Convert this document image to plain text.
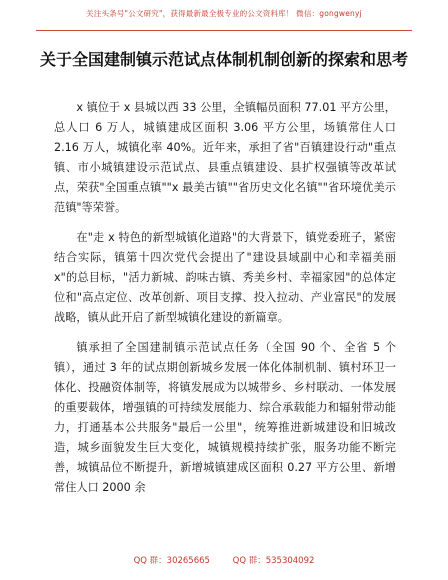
关注头条号"公文研究"，获得最新最全极专业的公文资料库！ 微信：gongwenyj
关于全国建制镇示范试点体制机制创新的探索和思考

x 镇位于 x 县城以西 33 公里，全镇幅员面积 77.01 平方公里，总人口 6 万人，城镇建成区面积 3.06 平方公里，场镇常住人口 2.16 万人，城镇化率 40%。近年来，承担了省"百镇建设行动"重点镇、市小城镇建设示范试点、县重点镇建设、县扩权强镇等改革试点，荣获"全国重点镇""x 最美古镇""省历史文化名镇""省环境优美示范镇"等荣誉。

在"走 x 特色的新型城镇化道路"的大背景下，镇党委班子，紧密结合实际，镇第十四次党代会提出了"建设县域副中心和幸福美丽 x"的总目标，"活力新城、韵味古镇、秀美乡村、幸福家园"的总体定位和"高点定位、改革创新、项目支撑、投入拉动、产业富民"的发展战略，镇从此开启了新型城镇化建设的新篇章。

镇承担了全国建制镇示范试点任务（全国 90 个、全省 5 个镇），通过 3 年的试点期创新城乡发展一体化体制机制、镇村环卫一体化、投融资体制等，将镇发展成为以城带乡、乡村联动、一体发展的重要载体，增强镇的可持续发展能力、综合承载能力和辐射带动能力，打通基本公共服务"最后一公里"，统筹推进新城建设和旧城改造，城乡面貌发生巨大变化，城镇规模持续扩张，服务功能不断完善，城镇品位不断提升，新增城镇建成区面积 0.27 平方公里、新增常住人口 2000 余

QQ 群：30265665	QQ 群：535304092
